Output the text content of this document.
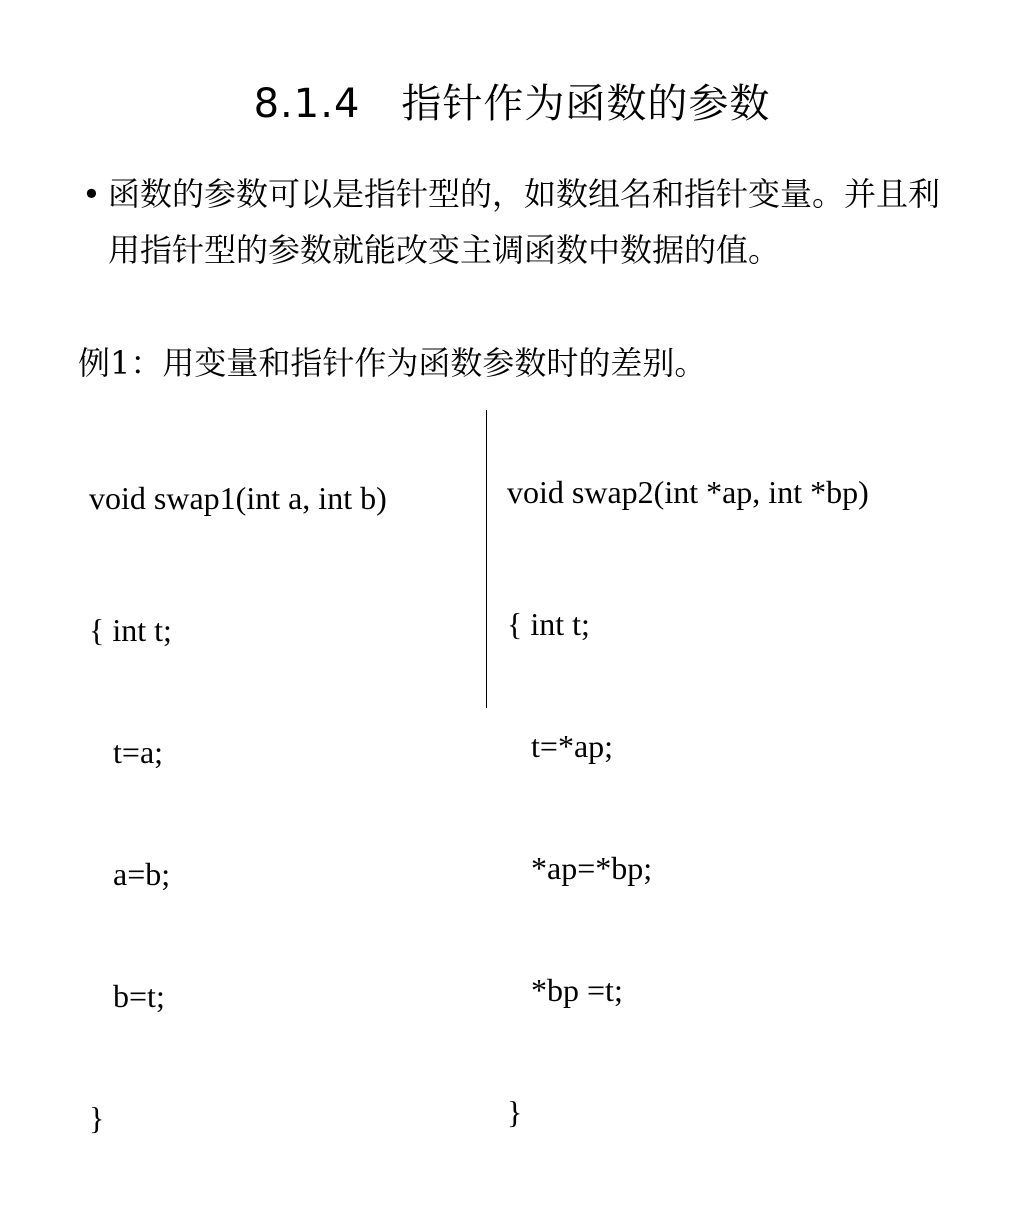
8.1.4　指针作为函数的参数
• 函数的参数可以是指针型的，如数组名和指针变量。并且利用指针型的参数就能改变主调函数中数据的值。

例1：用变量和指针作为函数参数时的差别。

void swap1(int a, int b)

{ int t;

t=a;

a=b;

b=t;

}

void swap2(int *ap, int *bp)

{ int t;

t=*ap;

*ap=*bp;

*bp =t;

}
